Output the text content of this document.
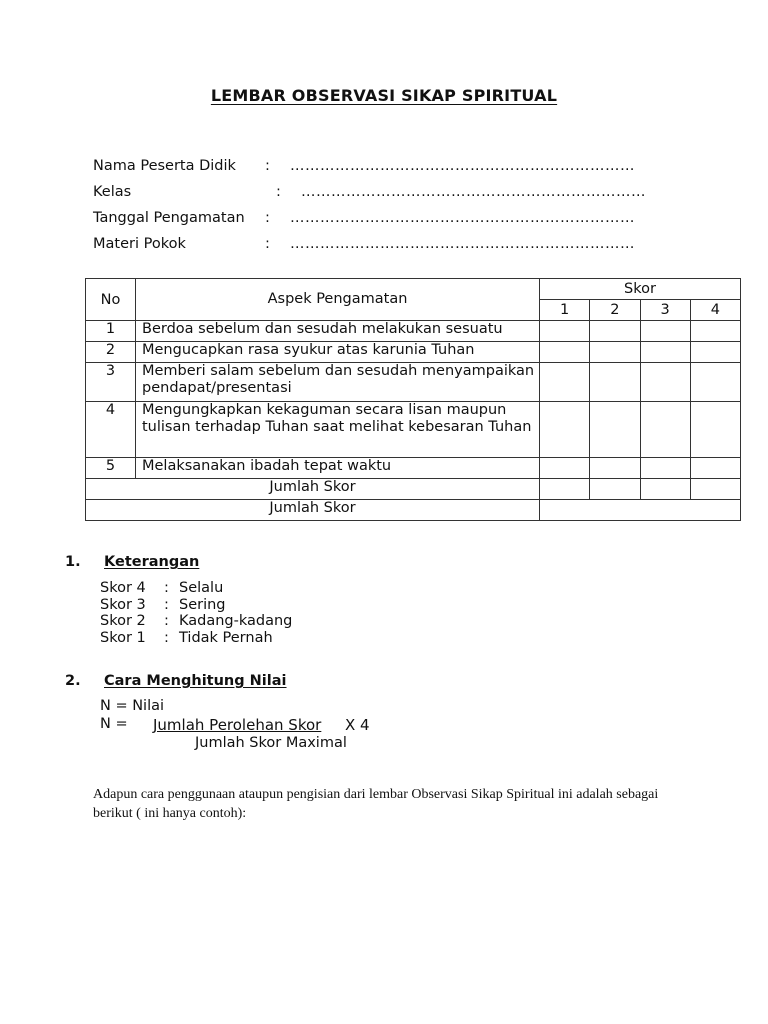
LEMBAR OBSERVASI SIKAP SPIRITUAL
Nama Peserta Didik : ……………………………………………………………
Kelas	: ……………………………………………………………
Tanggal Pengamatan : ……………………………………………………………
Materi Pokok	: ……………………………………………………………
No	Aspek Pengamatan	Skor			
		1	2	3	4
1	Berdoa sebelum dan sesudah melakukan sesuatu				
2	Mengucapkan rasa syukur atas karunia Tuhan				
3	Memberi salam sebelum dan sesudah menyampaikan pendapat/presentasi				
4	Mengungkapkan kekaguman secara lisan maupun tulisan terhadap Tuhan saat melihat kebesaran Tuhan				
5	Melaksanakan ibadah tepat waktu				
Jumlah Skor					
Jumlah Skor					
1. Keterangan
Skor 4 : Selalu
Skor 3 : Sering
Skor 2 : Kadang-kadang
Skor 1 : Tidak Pernah
2. Cara Menghitung Nilai
N = Nilai
N = Jumlah Perolehan Skor X 4
Jumlah Skor Maximal
Adapun cara penggunaan ataupun pengisian dari lembar Observasi Sikap Spiritual ini adalah sebagai berikut ( ini hanya contoh):
